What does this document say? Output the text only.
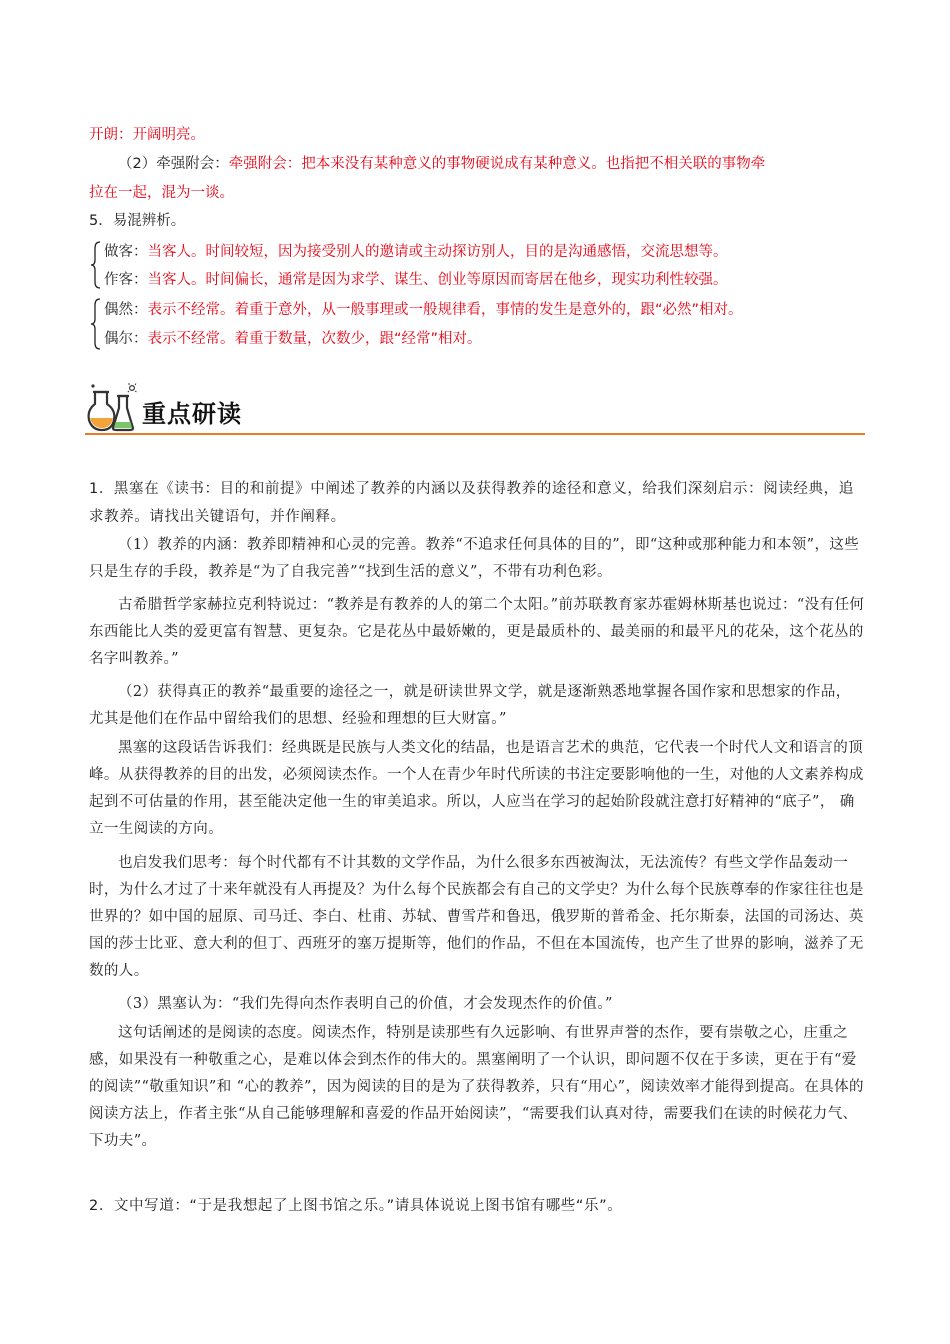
开朗：开阔明亮。
（2）牵强附会：牵强附会：把本来没有某种意义的事物硬说成有某种意义。也指把不相关联的事物牵
拉在一起，混为一谈。
5．易混辨析。
做客：当客人。时间较短，因为接受别人的邀请或主动探访别人，目的是沟通感悟，交流思想等。
作客：当客人。时间偏长，通常是因为求学、谋生、创业等原因而寄居在他乡，现实功利性较强。
偶然：表示不经常。着重于意外，从一般事理或一般规律看，事情的发生是意外的，跟“必然”相对。
偶尔：表示不经常。着重于数量，次数少，跟“经常”相对。
重点研读
1．黑塞在《读书：目的和前提》中阐述了教养的内涵以及获得教养的途径和意义，给我们深刻启示：阅读经典，追求教养。请找出关键语句，并作阐释。
（1）教养的内涵：教养即精神和心灵的完善。教养“不追求任何具体的目的”，即“这种或那种能力和本领”，这些只是生存的手段，教养是“为了自我完善”“找到生活的意义”，不带有功利色彩。
古希腊哲学家赫拉克利特说过：“教养是有教养的人的第二个太阳。”前苏联教育家苏霍姆林斯基也说过：“没有任何东西能比人类的爱更富有智慧、更复杂。它是花丛中最娇嫩的，更是最质朴的、最美丽的和最平凡的花朵，这个花丛的名字叫教养。”
（2）获得真正的教养“最重要的途径之一，就是研读世界文学，就是逐渐熟悉地掌握各国作家和思想家的作品，尤其是他们在作品中留给我们的思想、经验和理想的巨大财富。”
黑塞的这段话告诉我们：经典既是民族与人类文化的结晶，也是语言艺术的典范，它代表一个时代人文和语言的顶峰。从获得教养的目的出发，必须阅读杰作。一个人在青少年时代所读的书注定要影响他的一生，对他的人文素养构成起到不可估量的作用，甚至能决定他一生的审美追求。所以，人应当在学习的起始阶段就注意打好精神的“底子”， 确立一生阅读的方向。
也启发我们思考：每个时代都有不计其数的文学作品，为什么很多东西被淘汰，无法流传？有些文学作品轰动一时，为什么才过了十来年就没有人再提及？为什么每个民族都会有自己的文学史？为什么每个民族尊奉的作家往往也是世界的？如中国的屈原、司马迁、李白、杜甫、苏轼、曹雪芹和鲁迅，俄罗斯的普希金、托尔斯泰，法国的司汤达、英国的莎士比亚、意大利的但丁、西班牙的塞万提斯等，他们的作品，不但在本国流传，也产生了世界的影响，滋养了无数的人。
（3）黑塞认为：“我们先得向杰作表明自己的价值，才会发现杰作的价值。”
这句话阐述的是阅读的态度。阅读杰作，特别是读那些有久远影响、有世界声誉的杰作，要有崇敬之心，庄重之感，如果没有一种敬重之心，是难以体会到杰作的伟大的。黑塞阐明了一个认识，即问题不仅在于多读，更在于有“爱的阅读”“敬重知识”和 “心的教养”，因为阅读的目的是为了获得教养，只有“用心”，阅读效率才能得到提高。在具体的阅读方法上，作者主张“从自己能够理解和喜爱的作品开始阅读”，“需要我们认真对待，需要我们在读的时候花力气、下功夫”。
2．文中写道：“于是我想起了上图书馆之乐。”请具体说说上图书馆有哪些“乐”。
